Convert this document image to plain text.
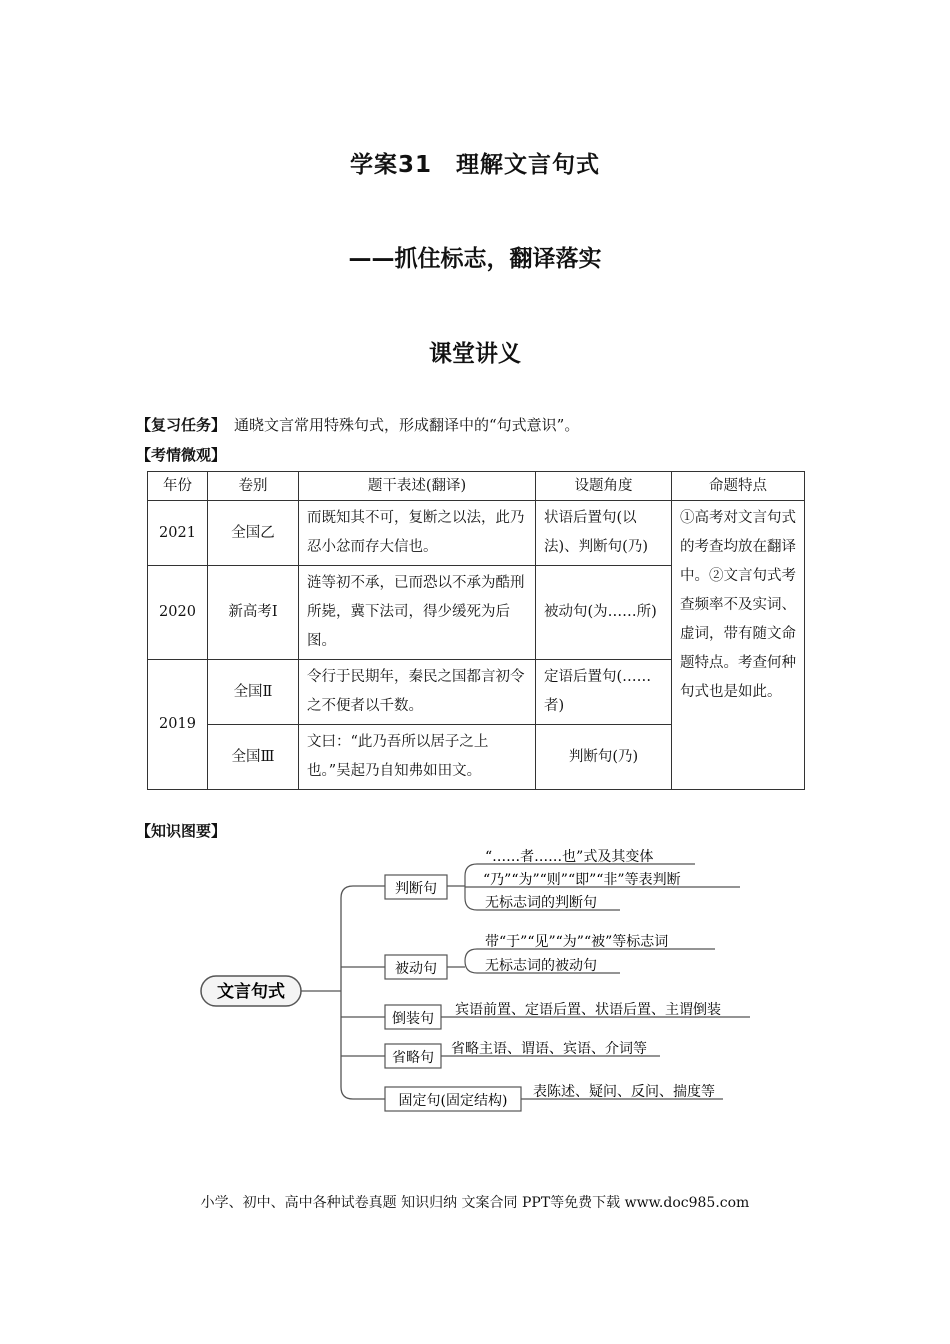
学案31　理解文言句式
——抓住标志，翻译落实
课堂讲义
【复习任务】 通晓文言常用特殊句式，形成翻译中的“句式意识”。
【考情微观】
年份	卷别	题干表述(翻译)	设题角度	命题特点
2021	全国乙	而既知其不可，复断之以法，此乃忍小忿而存大信也。	状语后置句(以法)、判断句(乃)	①高考对文言句式的考查均放在翻译中。②文言句式考查频率不及实词、虚词，带有随文命题特点。考查何种句式也是如此。
2020	新高考Ⅰ	涟等初不承，已而恐以不承为酷刑所毙，冀下法司，得少缓死为后图。	被动句(为……所)	
2019	全国Ⅱ	令行于民期年，秦民之国都言初令之不便者以千数。	定语后置句(……者)	
	全国Ⅲ	文曰：“此乃吾所以居子之上也。”吴起乃自知弗如田文。	判断句(乃)	
【知识图要】
文言句式
判断句
“……者……也”式及其变体
“乃”“为”“则”“即”“非”等表判断
无标志词的判断句
被动句
带“于”“见”“为”“被”等标志词
无标志词的被动句
倒装句
宾语前置、定语后置、状语后置、主谓倒装
省略句
省略主语、谓语、宾语、介词等
固定句(固定结构)
表陈述、疑问、反问、揣度等
小学、初中、高中各种试卷真题 知识归纳 文案合同 PPT等免费下载 www.doc985.com
